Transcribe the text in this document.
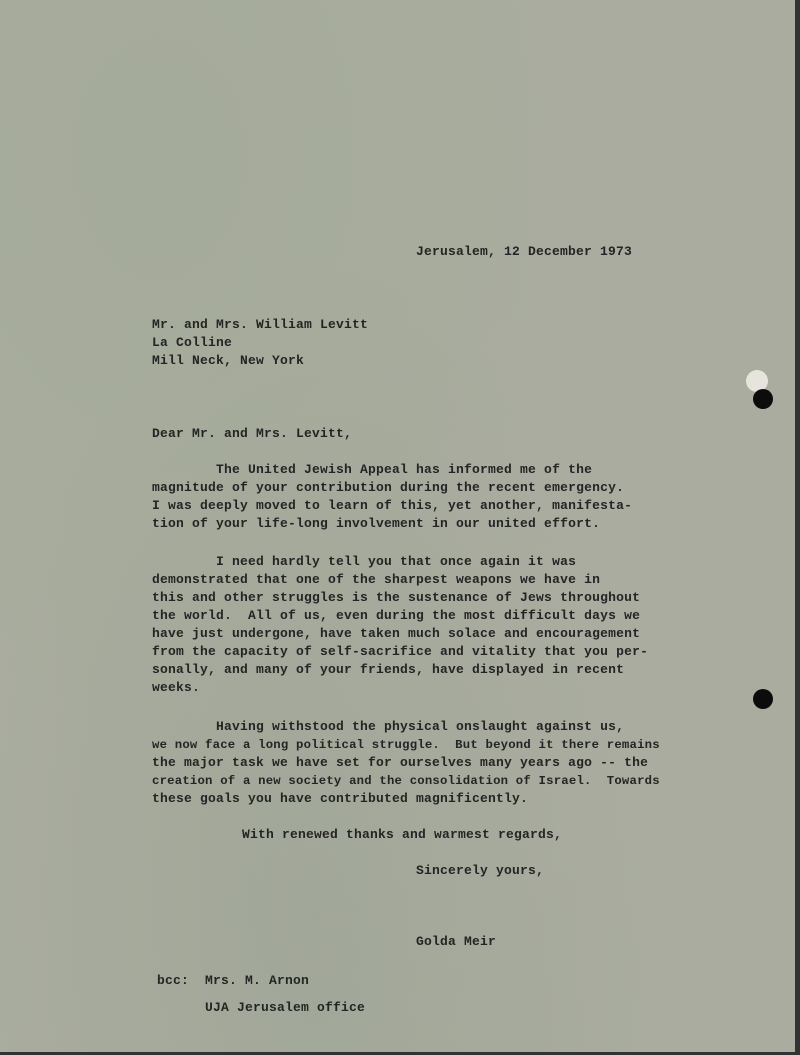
Jerusalem, 12 December 1973
Mr. and Mrs. William Levitt
La Colline
Mill Neck, New York
Dear Mr. and Mrs. Levitt,
The United Jewish Appeal has informed me of the
magnitude of your contribution during the recent emergency.
I was deeply moved to learn of this, yet another, manifesta-
tion of your life-long involvement in our united effort.
I need hardly tell you that once again it was
demonstrated that one of the sharpest weapons we have in
this and other struggles is the sustenance of Jews throughout
the world.  All of us, even during the most difficult days we
have just undergone, have taken much solace and encouragement
from the capacity of self-sacrifice and vitality that you per-
sonally, and many of your friends, have displayed in recent
weeks.
Having withstood the physical onslaught against us,
we now face a long political struggle.  But beyond it there remains
the major task we have set for ourselves many years ago -- the
creation of a new society and the consolidation of Israel.  Towards
these goals you have contributed magnificently.
With renewed thanks and warmest regards,
Sincerely yours,
Golda Meir
bcc: Mrs. M. Arnon
UJA Jerusalem office
